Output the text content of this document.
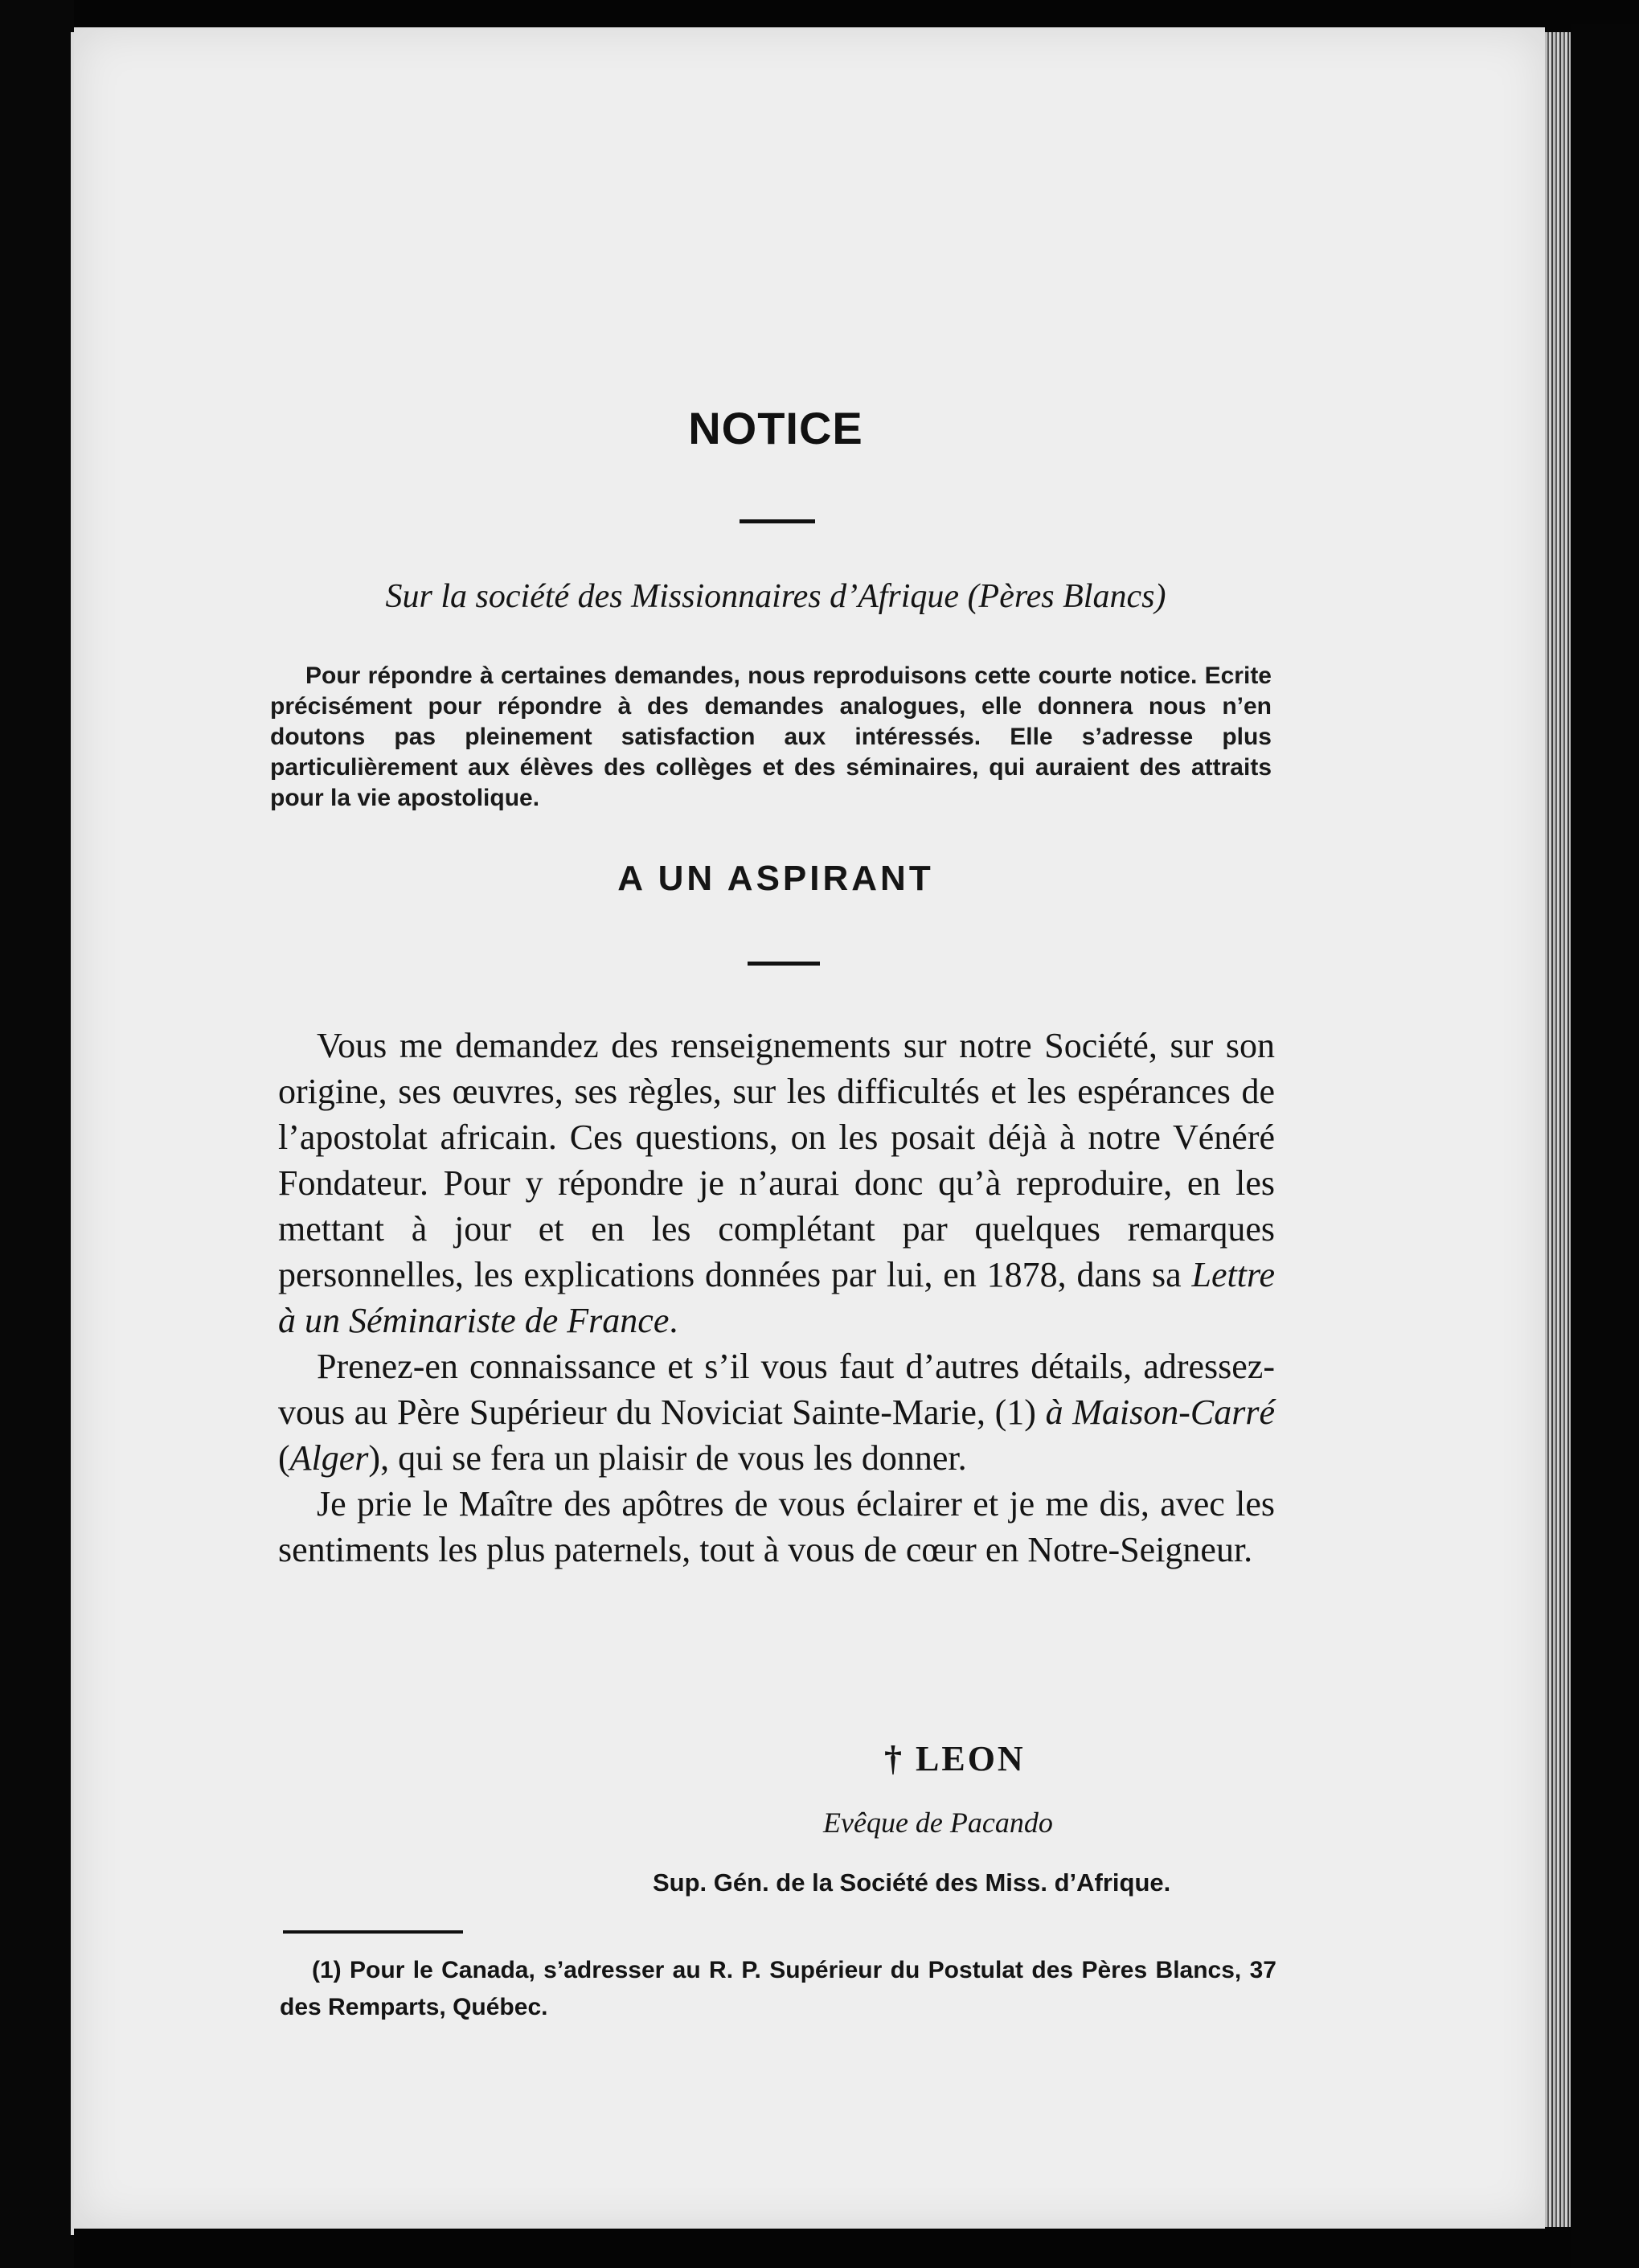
NOTICE
Sur la société des Missionnaires d’Afrique (Pères Blancs)

Pour répondre à certaines demandes, nous reproduisons cette courte notice. Ecrite précisément pour répondre à des demandes analogues, elle donnera nous n’en doutons pas pleinement satisfaction aux intéressés. Elle s’adresse plus particulièrement aux élèves des collèges et des séminaires, qui auraient des attraits pour la vie apostolique.

A UN ASPIRANT

Vous me demandez des renseignements sur notre Société, sur son origine, ses œuvres, ses règles, sur les difficultés et les espérances de l’apostolat africain. Ces questions, on les posait déjà à notre Vénéré Fondateur. Pour y répondre je n’aurai donc qu’à reproduire, en les mettant à jour et en les complétant par quelques remarques personnelles, les explications données par lui, en 1878, dans sa Lettre à un Séminariste de France.

Prenez-en connaissance et s’il vous faut d’autres détails, adressez-vous au Père Supérieur du Noviciat Sainte-Marie, (1) à Maison-Carré (Alger), qui se fera un plaisir de vous les donner.

Je prie le Maître des apôtres de vous éclairer et je me dis, avec les sentiments les plus paternels, tout à vous de cœur en Notre-Seigneur.

† LEON
Evêque de Pacando
Sup. Gén. de la Société des Miss. d’Afrique.

(1) Pour le Canada, s’adresser au R. P. Supérieur du Postulat des Pères Blancs, 37 des Remparts, Québec.
